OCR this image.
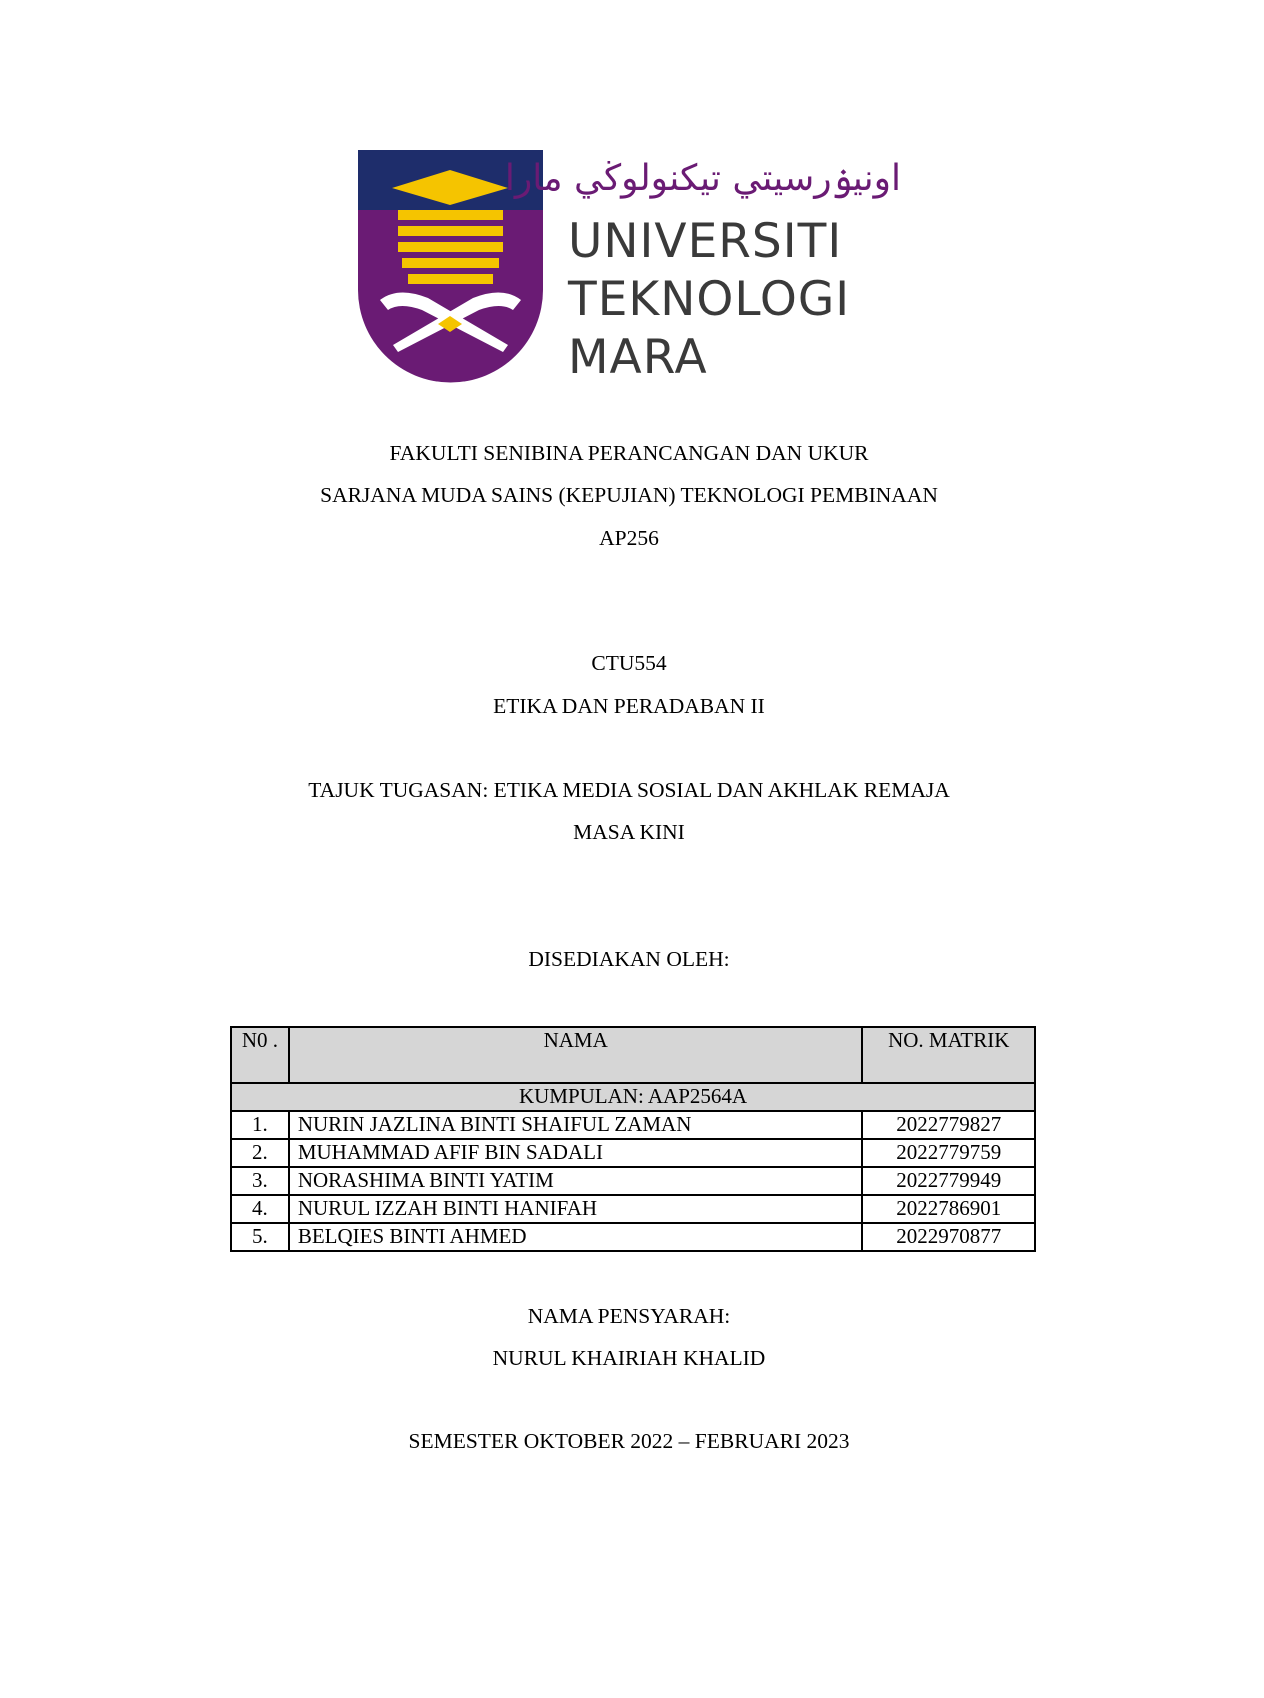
اونيۏرسيتي تيكنولوڬي مارا
UNIVERSITI
TEKNOLOGI
MARA
FAKULTI SENIBINA PERANCANGAN DAN UKUR
SARJANA MUDA SAINS (KEPUJIAN) TEKNOLOGI PEMBINAAN
AP256
CTU554
ETIKA DAN PERADABAN II
TAJUK TUGASAN: ETIKA MEDIA SOSIAL DAN AKHLAK REMAJA
MASA KINI
DISEDIAKAN OLEH:
N0 .	NAMA	NO. MATRIK
KUMPULAN: AAP2564A		
1.	NURIN JAZLINA BINTI SHAIFUL ZAMAN	2022779827
2.	MUHAMMAD AFIF BIN SADALI	2022779759
3.	NORASHIMA BINTI YATIM	2022779949
4.	NURUL IZZAH BINTI HANIFAH	2022786901
5.	BELQIES BINTI AHMED	2022970877
NAMA PENSYARAH:
NURUL KHAIRIAH KHALID
SEMESTER OKTOBER 2022 – FEBRUARI 2023
